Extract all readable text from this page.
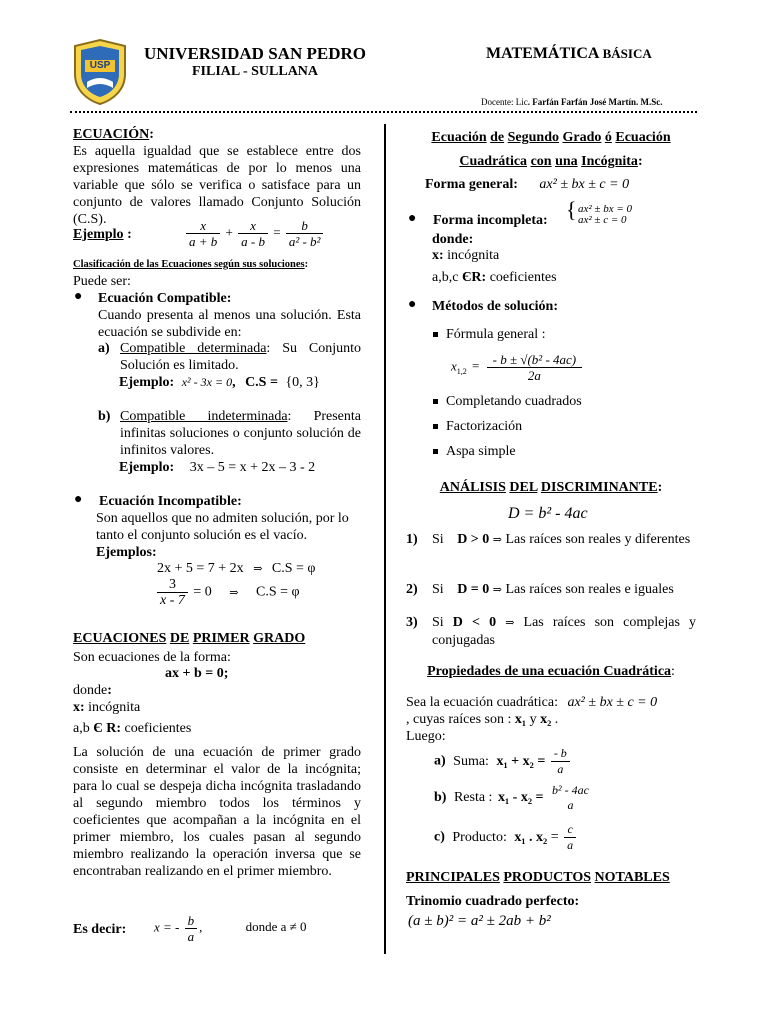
USP
UNIVERSIDAD SAN PEDRO
FILIAL - SULLANA
MATEMÁTICA BÁSICA
Docente: Lic. Farfán Farfán José Martín. M.Sc.
ECUACIÓN:
Es aquella igualdad que se establece entre dos expresiones matemáticas de por lo menos una variable que sólo se verifica o satisface para un conjunto de valores llamado Conjunto Solución (C.S).
Ejemplo :	$\frac{x}{a + b} + \frac{x}{a - b} = \frac{b}{\text{a² - b²}}$
Clasificación de las Ecuaciones según sus soluciones:
Puede ser:
● Ecuación Compatible:
Cuando presenta al menos una solución. Esta ecuación se subdivide en:
a) Compatible determinada: Su Conjunto Solución es limitado.
Ejemplo: x² - 3x = 0, C.S = {0, 3}
b) Compatible indeterminada: Presenta infinitas soluciones o conjunto solución de infinitos valores.
Ejemplo: 3x – 5 = x + 2x – 3 - 2
● Ecuación Incompatible:
Son aquellos que no admiten solución, por lo tanto el conjunto solución es el vacío.
Ejemplos:
2x + 5 = 7 + 2x ⇒ C.S = φ
$\frac{3}{x - 7} = 0$ ⇒ C.S = φ
ECUACIONES DE PRIMER GRADO
Son ecuaciones de la forma:
ax + b = 0;
donde:
x: incógnita
a,b Є R: coeficientes
La solución de una ecuación de primer grado consiste en determinar el valor de la incógnita; para lo cual se despeja dicha incógnita trasladando al segundo miembro todos los términos y coeficientes que acompañan a la incógnita en el primer miembro, los cuales pasan al segundo miembro realizando la operación inversa que se encontraban realizando en el primer miembro.
Es decir: x = - $\frac{b}{a}$ ,	donde a ≠ 0
Ecuación de Segundo Grado ó Ecuación
Cuadrática con una Incógnita:
Forma general: ax² ± bx ± c = 0
● Forma incompleta: { ax² ± bx = 0
ax² ± c = 0
donde:
x: incógnita
a,b,c ЄR: coeficientes
● Métodos de solución:
Fórmula general :
$x_{1,2} = \frac{\text{- b ± √(b² - 4ac)}}{2a}$
Completando cuadrados
Factorización
Aspa simple
ANÁLISIS DEL DISCRIMINANTE:
D = b² - 4ac
1) Si D > 0 ⇒ Las raíces son reales y diferentes
2) Si D = 0 ⇒ Las raíces son reales e iguales
3) Si D < 0 ⇒ Las raíces son complejas y conjugadas
Propiedades de una ecuación Cuadrática:
Sea la ecuación cuadrática: ax² ± bx ± c = 0
, cuyas raíces son : x₁ y x₂ .
Luego:
a) Suma: $x_1 + x_2 = \frac{- b}{a}$
b) Resta : x₁ - x₂ =
b² - 4ac
a
c) Producto: x₁ . $x_2 = \frac{c}{a}$
PRINCIPALES PRODUCTOS NOTABLES
Trinomio cuadrado perfecto:
(a ± b)² = a² ± 2ab + b²
